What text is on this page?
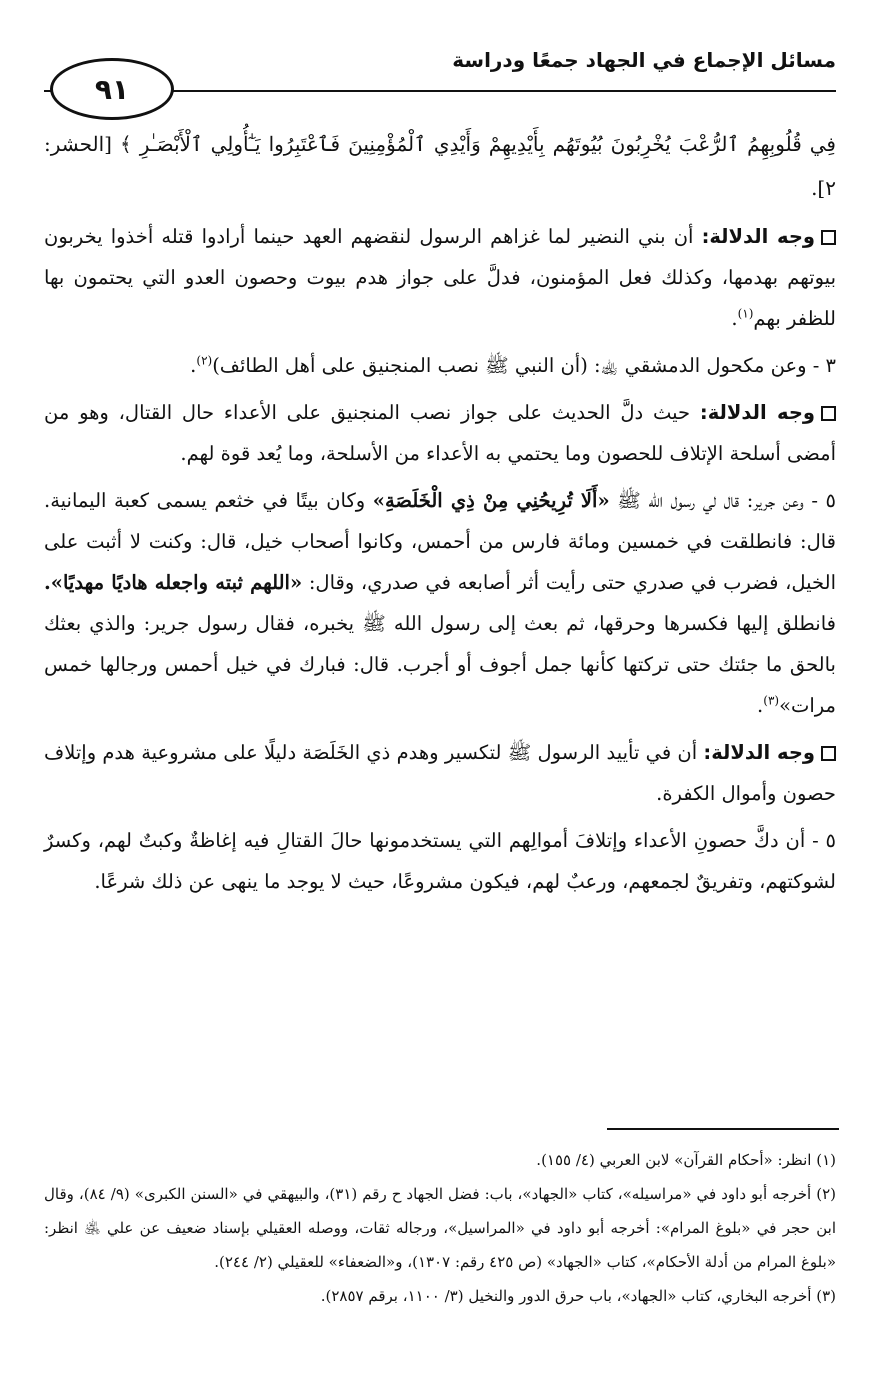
مسائل الإجماع في الجهاد جمعًا ودراسة
٩١

فِي قُلُوبِهِمُ ٱلرُّعْبَ يُخْرِبُونَ بُيُوتَهُم بِأَيْدِيهِمْ وَأَيْدِي ٱلْمُؤْمِنِينَ فَٱعْتَبِرُوا يَـٰٓأُولِي ٱلْأَبْصَـٰرِ ﴾ [الحشر: ٢].

وجه الدلالة: أن بني النضير لما غزاهم الرسول لنقضهم العهد حينما أرادوا قتله أخذوا يخربون بيوتهم بهدمها، وكذلك فعل المؤمنون، فدلَّ على جواز هدم بيوت وحصون العدو التي يحتمون بها للظفر بهم$^{(١)}$.

٣ - وعن مكحول الدمشقي ﵀: (أن النبي ﷺ نصب المنجنيق على أهل الطائف)$^{(٢)}$.

وجه الدلالة: حيث دلَّ الحديث على جواز نصب المنجنيق على الأعداء حال القتال، وهو من أمضى أسلحة الإتلاف للحصون وما يحتمي به الأعداء من الأسلحة، وما يُعد قوة لهم.

٥ - وعن جرير: قال لي رسول الله ﷺ «أَلَا تُرِيحُنِي مِنْ ذِي الْخَلَصَةِ» وكان بيتًا في خثعم يسمى كعبة اليمانية. قال: فانطلقت في خمسين ومائة فارس من أحمس، وكانوا أصحاب خيل، قال: وكنت لا أثبت على الخيل، فضرب في صدري حتى رأيت أثر أصابعه في صدري، وقال: «اللهم ثبته واجعله هاديًا مهديًا». فانطلق إليها فكسرها وحرقها، ثم بعث إلى رسول الله ﷺ يخبره، فقال رسول جرير: والذي بعثك بالحق ما جئتك حتى تركتها كأنها جمل أجوف أو أجرب. قال: فبارك في خيل أحمس ورجالها خمس مرات»$^{(٣)}$.

وجه الدلالة: أن في تأييد الرسول ﷺ لتكسير وهدم ذي الخَلَصَة دليلًا على مشروعية هدم وإتلاف حصون وأموال الكفرة.

٥ - أن دكَّ حصونِ الأعداء وإتلافَ أموالِهم التي يستخدمونها حالَ القتالِ فيه إغاظةٌ وكبتٌ لهم، وكسرٌ لشوكتهم، وتفريقٌ لجمعهم، ورعبٌ لهم، فيكون مشروعًا، حيث لا يوجد ما ينهى عن ذلك شرعًا.

(١) انظر: «أحكام القرآن» لابن العربي (٤/ ١٥٥).

(٢) أخرجه أبو داود في «مراسيله»، كتاب «الجهاد»، باب: فضل الجهاد ح رقم (٣١)، والبيهقي في «السنن الكبرى» (٩/ ٨٤)، وقال ابن حجر في «بلوغ المرام»: أخرجه أبو داود في «المراسيل»، ورجاله ثقات، ووصله العقيلي بإسناد ضعيف عن علي ﵁ انظر: «بلوغ المرام من أدلة الأحكام»، كتاب «الجهاد» (ص ٤٢٥ رقم: ١٣٠٧)، و«الضعفاء» للعقيلي (٢/ ٢٤٤).

(٣) أخرجه البخاري، كتاب «الجهاد»، باب حرق الدور والنخيل (٣/ ١١٠٠، برقم ٢٨٥٧).
